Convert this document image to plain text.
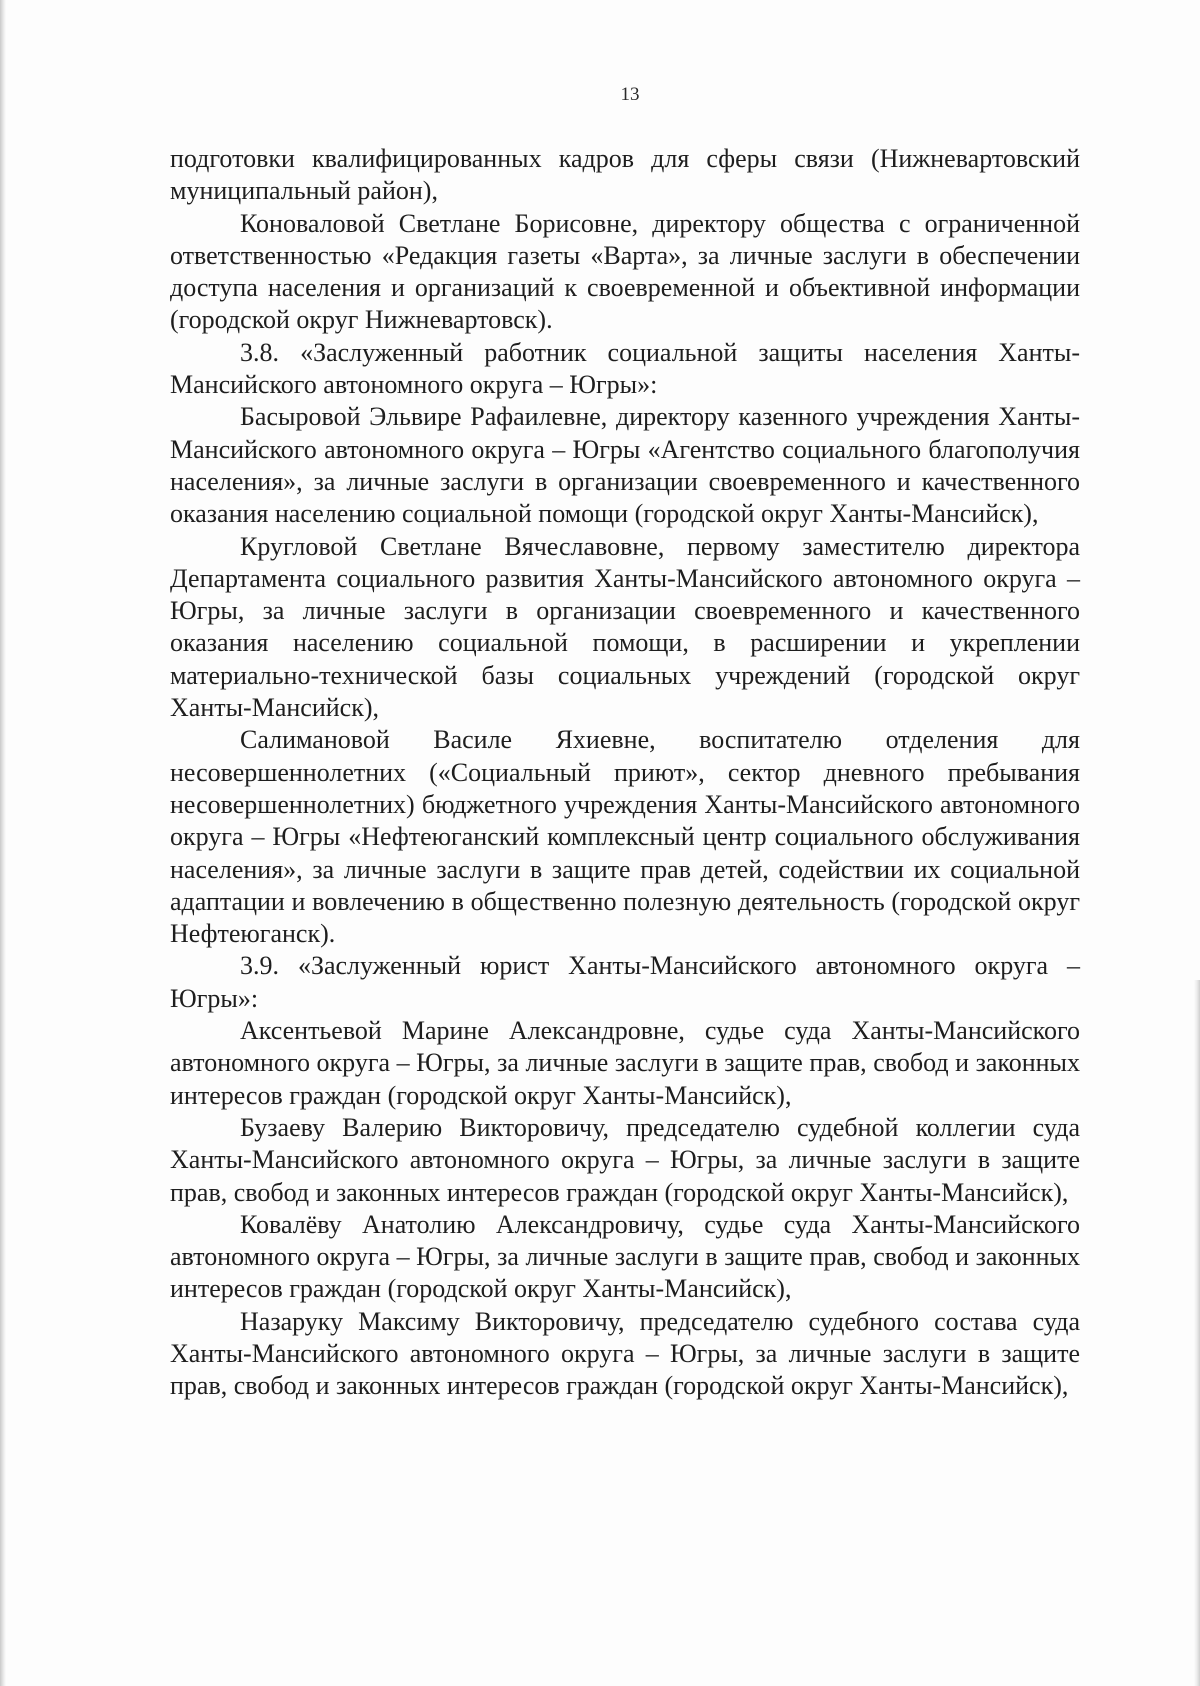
13

подготовки квалифицированных кадров для сферы связи (Нижневартовский муниципальный район),

Коноваловой Светлане Борисовне, директору общества с ограниченной ответственностью «Редакция газеты «Варта», за личные заслуги в обеспечении доступа населения и организаций к своевременной и объективной информации (городской округ Нижневартовск).

3.8. «Заслуженный работник социальной защиты населения Ханты-Мансийского автономного округа – Югры»:

Басыровой Эльвире Рафаилевне, директору казенного учреждения Ханты-Мансийского автономного округа – Югры «Агентство социального благополучия населения», за личные заслуги в организации своевременного и качественного оказания населению социальной помощи (городской округ Ханты-Мансийск),

Кругловой Светлане Вячеславовне, первому заместителю директора Департамента социального развития Ханты-Мансийского автономного округа – Югры, за личные заслуги в организации своевременного и качественного оказания населению социальной помощи, в расширении и укреплении материально-технической базы социальных учреждений (городской округ Ханты-Мансийск),

Салимановой Василе Яхиевне, воспитателю отделения для несовершеннолетних («Социальный приют», сектор дневного пребывания несовершеннолетних) бюджетного учреждения Ханты-Мансийского автономного округа – Югры «Нефтеюганский комплексный центр социального обслуживания населения», за личные заслуги в защите прав детей, содействии их социальной адаптации и вовлечению в общественно полезную деятельность (городской округ Нефтеюганск).

3.9. «Заслуженный юрист Ханты-Мансийского автономного округа – Югры»:

Аксентьевой Марине Александровне, судье суда Ханты-Мансийского автономного округа – Югры, за личные заслуги в защите прав, свобод и законных интересов граждан (городской округ Ханты-Мансийск),

Бузаеву Валерию Викторовичу, председателю судебной коллегии суда Ханты-Мансийского автономного округа – Югры, за личные заслуги в защите прав, свобод и законных интересов граждан (городской округ Ханты-Мансийск),

Ковалёву Анатолию Александровичу, судье суда Ханты-Мансийского автономного округа – Югры, за личные заслуги в защите прав, свобод и законных интересов граждан (городской округ Ханты-Мансийск),

Назаруку Максиму Викторовичу, председателю судебного состава суда Ханты-Мансийского автономного округа – Югры, за личные заслуги в защите прав, свобод и законных интересов граждан (городской округ Ханты-Мансийск),
